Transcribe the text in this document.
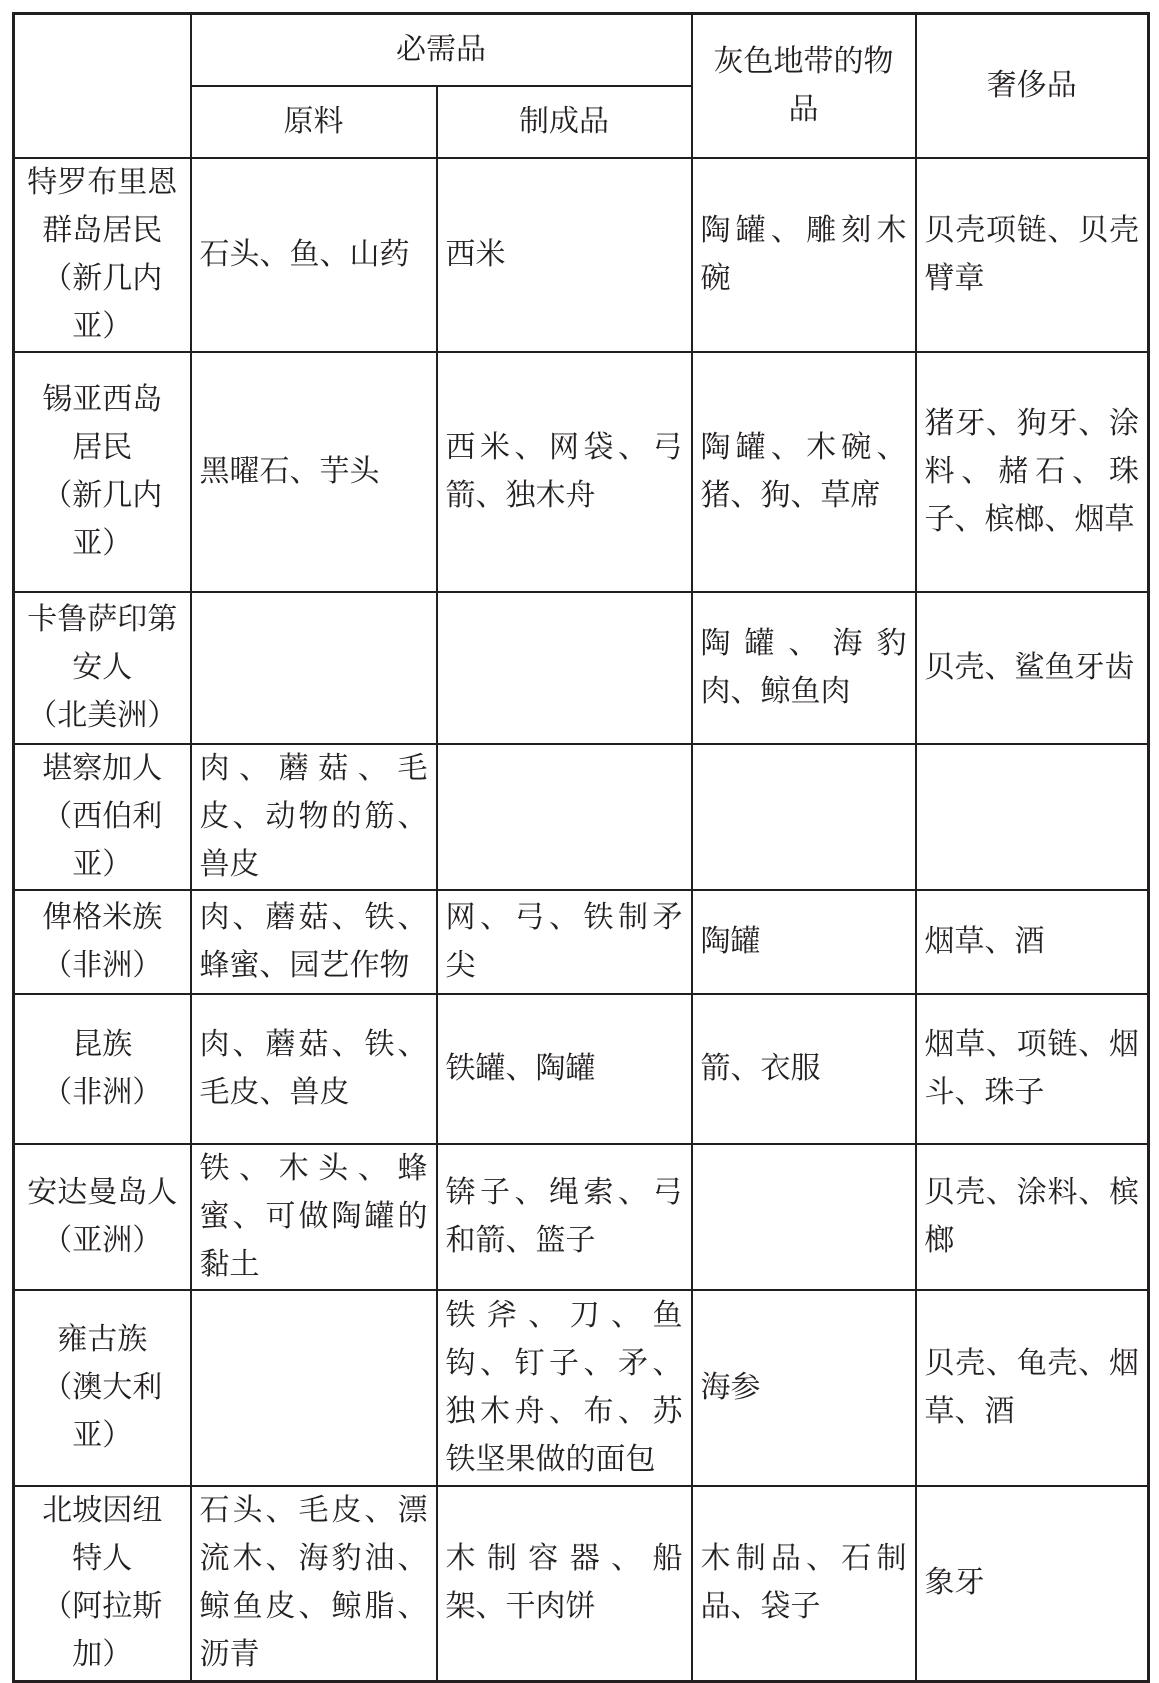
	必需品		灰色地带的物品	奢侈品
	原料	制成品		

特罗布里恩
群岛居民
（新几内亚）	石头、鱼、山药	西米	陶罐、雕刻木碗	贝壳项链、贝壳臂章

锡亚西岛
居民
（新几内亚）	黑曜石、芋头	西米、网袋、弓箭、独木舟	陶罐、木碗、猪、狗、草席	猪牙、狗牙、涂料、赭石、珠子、槟榔、烟草

卡鲁萨印第
安人
（北美洲）			陶罐、海豹肉、鲸鱼肉	贝壳、鲨鱼牙齿

堪察加人
（西伯利亚）	肉、蘑菇、毛皮、动物的筋、兽皮			

俾格米族
（非洲）	肉、蘑菇、铁、蜂蜜、园艺作物	网、弓、铁制矛尖	陶罐	烟草、酒

昆族
（非洲）	肉、蘑菇、铁、毛皮、兽皮	铁罐、陶罐	箭、衣服	烟草、项链、烟斗、珠子

安达曼岛人
（亚洲）	铁、木头、蜂蜜、可做陶罐的黏土	锛子、绳索、弓和箭、篮子		贝壳、涂料、槟榔

雍古族
（澳大利亚）		铁斧、刀、鱼钩、钉子、矛、独木舟、布、苏铁坚果做的面包	海参	贝壳、龟壳、烟草、酒

北坡因纽
特人
（阿拉斯加）	石头、毛皮、漂流木、海豹油、鲸鱼皮、鲸脂、沥青	木制容器、船架、干肉饼	木制品、石制品、袋子	象牙
